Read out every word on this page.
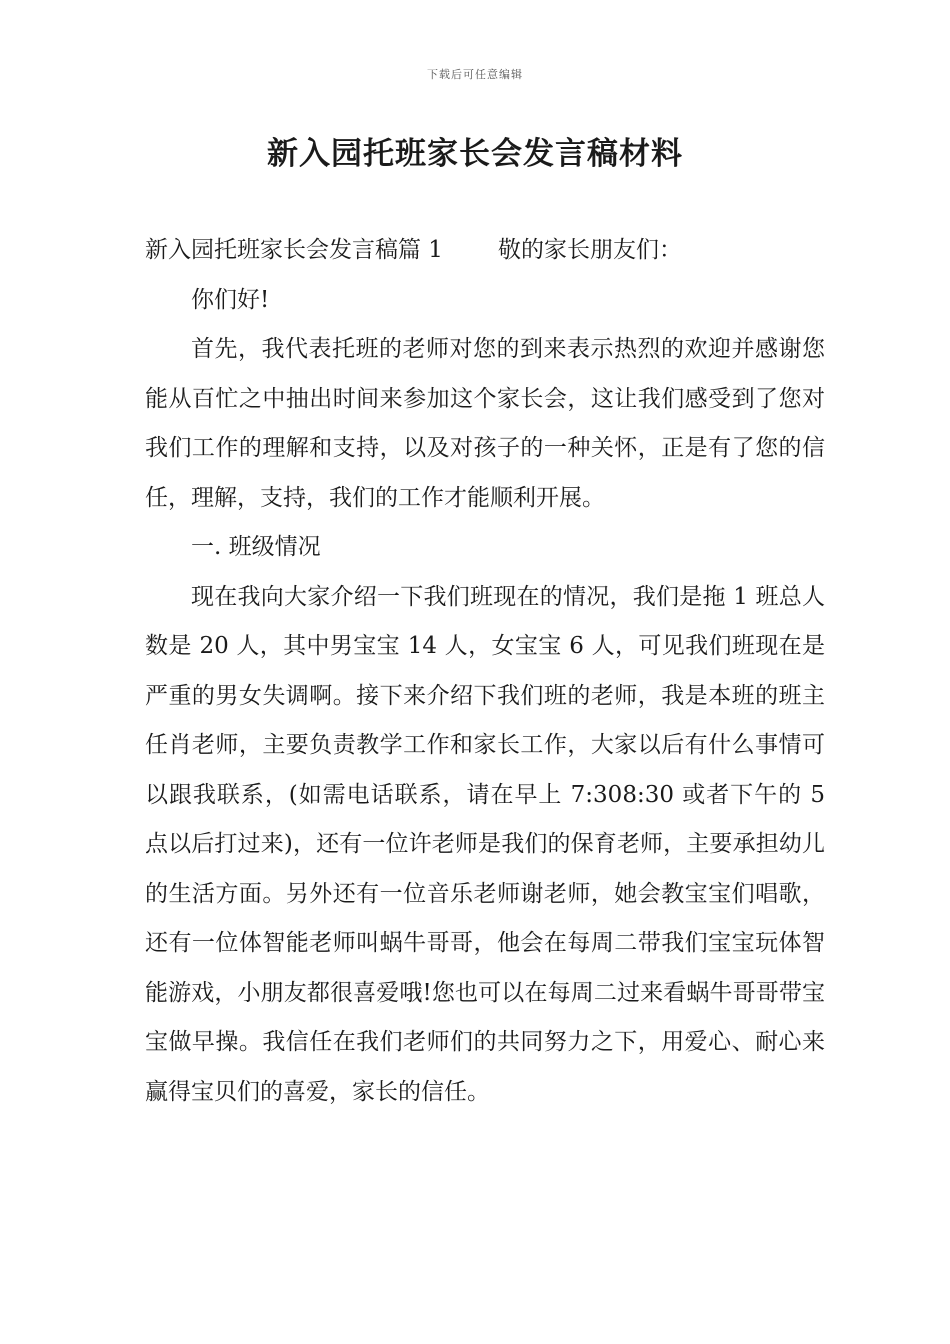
下载后可任意编辑
新入园托班家长会发言稿材料

新入园托班家长会发言稿篇 1 敬的家长朋友们：

你们好!

首先，我代表托班的老师对您的到来表示热烈的欢迎并感谢您能从百忙之中抽出时间来参加这个家长会，这让我们感受到了您对我们工作的理解和支持，以及对孩子的一种关怀，正是有了您的信任，理解，支持，我们的工作才能顺利开展。

一. 班级情况

现在我向大家介绍一下我们班现在的情况，我们是拖 1 班总人数是 20 人，其中男宝宝 14 人，女宝宝 6 人，可见我们班现在是严重的男女失调啊。接下来介绍下我们班的老师，我是本班的班主任肖老师，主要负责教学工作和家长工作，大家以后有什么事情可以跟我联系，(如需电话联系，请在早上 7:308:30 或者下午的 5 点以后打过来)，还有一位许老师是我们的保育老师，主要承担幼儿的生活方面。另外还有一位音乐老师谢老师，她会教宝宝们唱歌，还有一位体智能老师叫蜗牛哥哥，他会在每周二带我们宝宝玩体智能游戏，小朋友都很喜爱哦!您也可以在每周二过来看蜗牛哥哥带宝宝做早操。我信任在我们老师们的共同努力之下，用爱心、耐心来赢得宝贝们的喜爱，家长的信任。
